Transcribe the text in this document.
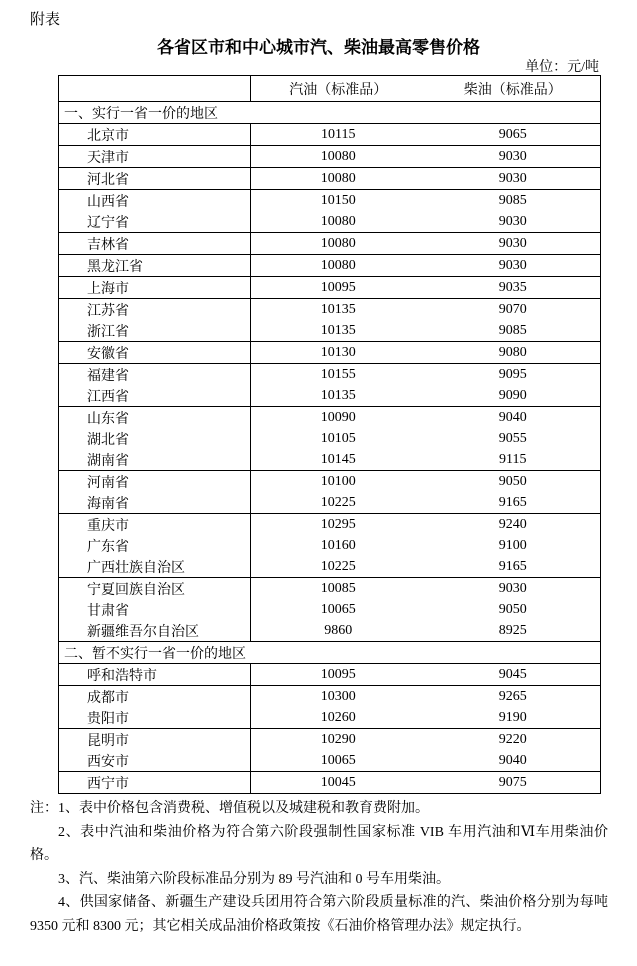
附表
各省区市和中心城市汽、柴油最高零售价格
单位：元/吨
	汽油（标准品）	柴油（标准品）
一、实行一省一价的地区		
北京市	10115	9065
天津市	10080	9030
河北省	10080	9030
山西省	10150	9085
辽宁省	10080	9030
吉林省	10080	9030
黑龙江省	10080	9030
上海市	10095	9035
江苏省	10135	9070
浙江省	10135	9085
安徽省	10130	9080
福建省	10155	9095
江西省	10135	9090
山东省	10090	9040
湖北省	10105	9055
湖南省	10145	9115
河南省	10100	9050
海南省	10225	9165
重庆市	10295	9240
广东省	10160	9100
广西壮族自治区	10225	9165
宁夏回族自治区	10085	9030
甘肃省	10065	9050
新疆维吾尔自治区	9860	8925
二、暂不实行一省一价的地区		
呼和浩特市	10095	9045
成都市	10300	9265
贵阳市	10260	9190
昆明市	10290	9220
西安市	10065	9040
西宁市	10045	9075

注：1、表中价格包含消费税、增值税以及城建税和教育费附加。

2、表中汽油和柴油价格为符合第六阶段强制性国家标准 VIB 车用汽油和Ⅵ车用柴油价格。

3、汽、柴油第六阶段标准品分别为 89 号汽油和 0 号车用柴油。

4、供国家储备、新疆生产建设兵团用符合第六阶段质量标准的汽、柴油价格分别为每吨 9350 元和 8300 元；其它相关成品油价格政策按《石油价格管理办法》规定执行。
